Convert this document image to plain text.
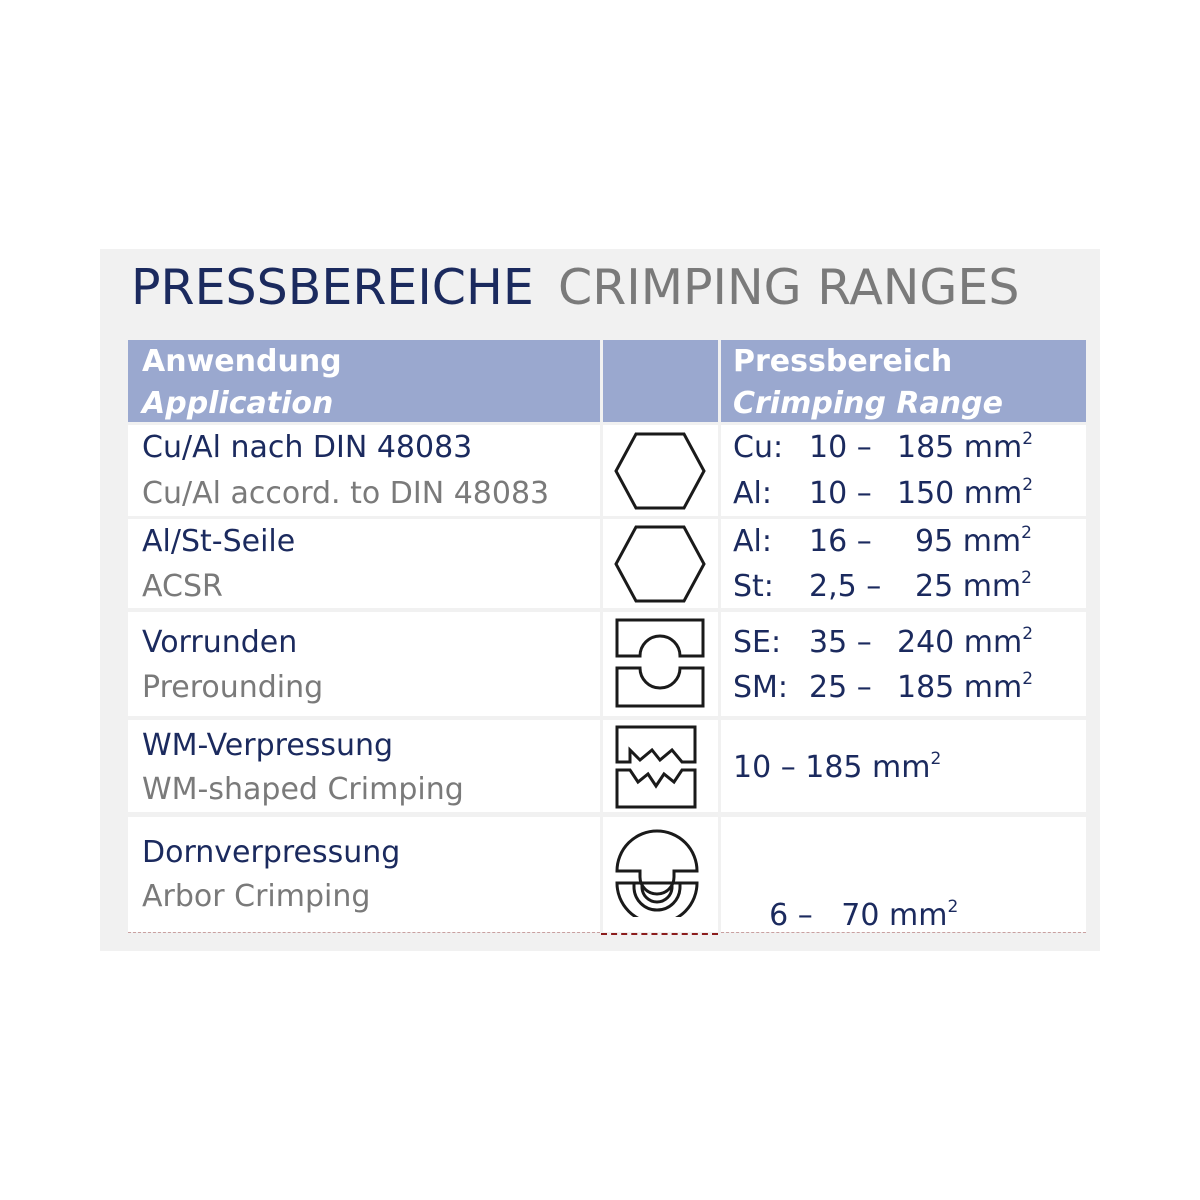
PRESSBEREICHE CRIMPING RANGES
Anwendung
Application
Pressbereich
Crimping Range
Cu/Al nach DIN 48083
Cu/Al accord. to DIN 48083
Cu: 10 – 185 $mm^2$
Al: 10 – 150 $mm^2$
Al/St-Seile
ACSR
Al: 16 – 95 $mm^2$
St: 2,5 – 25 $mm^2$
Vorrunden
Prerounding
SE: 35 – 240 $mm^2$
SM: 25 – 185 $mm^2$
WM-Verpressung
WM-shaped Crimping
10 – 185 $mm^2$
Dornverpressung
Arbor Crimping

6 –   70 $mm^2$
